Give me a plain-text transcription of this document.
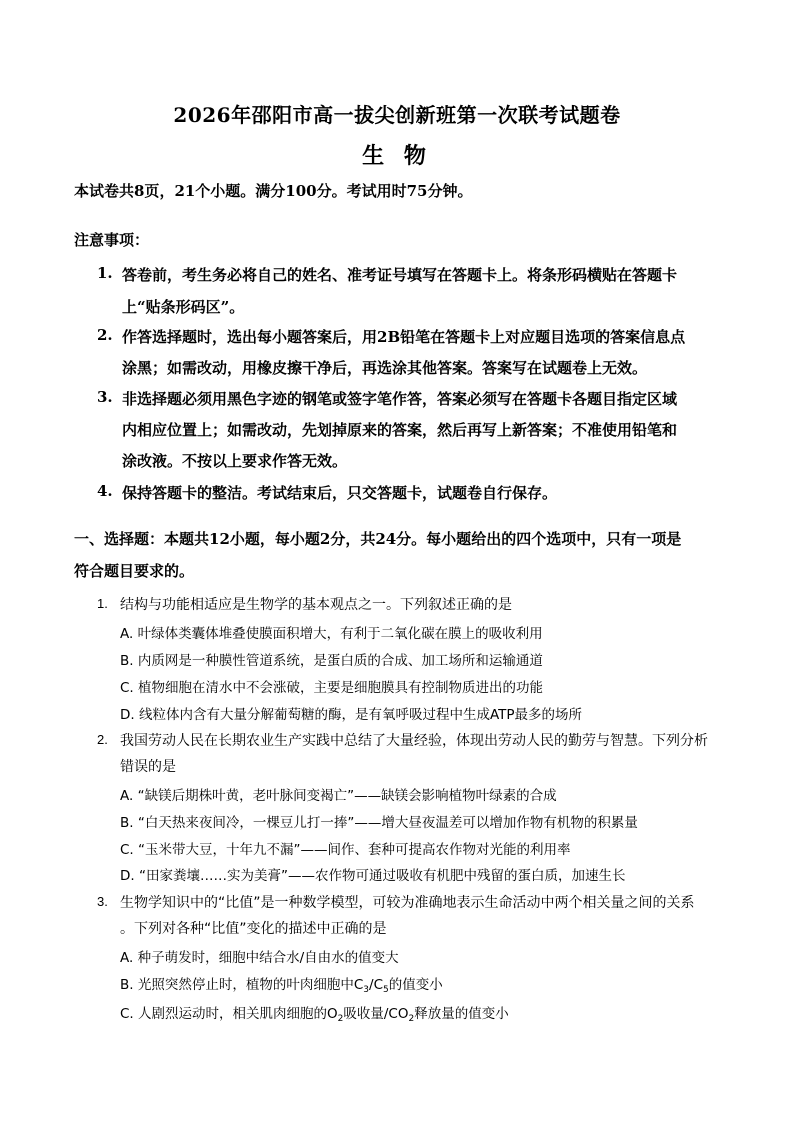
2026年邵阳市高一拔尖创新班第一次联考试题卷
生 物
本试卷共8页，21个小题。满分100分。考试用时75分钟。
注意事项：
1. 答卷前，考生务必将自己的姓名、准考证号填写在答题卡上。将条形码横贴在答题卡
上“贴条形码区”。
2. 作答选择题时，选出每小题答案后，用2B铅笔在答题卡上对应题目选项的答案信息点
涂黑；如需改动，用橡皮擦干净后，再选涂其他答案。答案写在试题卷上无效。
3. 非选择题必须用黑色字迹的钢笔或签字笔作答，答案必须写在答题卡各题目指定区域
内相应位置上；如需改动，先划掉原来的答案，然后再写上新答案；不准使用铅笔和
涂改液。不按以上要求作答无效。
4. 保持答题卡的整洁。考试结束后，只交答题卡，试题卷自行保存。
一、选择题：本题共12小题，每小题2分，共24分。每小题给出的四个选项中，只有一项是
符合题目要求的。
1. 结构与功能相适应是生物学的基本观点之一。下列叙述正确的是
A. 叶绿体类囊体堆叠使膜面积增大，有利于二氧化碳在膜上的吸收利用
B. 内质网是一种膜性管道系统，是蛋白质的合成、加工场所和运输通道
C. 植物细胞在清水中不会涨破，主要是细胞膜具有控制物质进出的功能
D. 线粒体内含有大量分解葡萄糖的酶，是有氧呼吸过程中生成ATP最多的场所
2. 我国劳动人民在长期农业生产实践中总结了大量经验，体现出劳动人民的勤劳与智慧。下列分析
错误的是
A. “缺镁后期株叶黄，老叶脉间变褐亡”——缺镁会影响植物叶绿素的合成
B. “白天热来夜间冷，一棵豆儿打一捧”——增大昼夜温差可以增加作物有机物的积累量
C. “玉米带大豆，十年九不漏”——间作、套种可提高农作物对光能的利用率
D. “田家粪壤……实为美膏”——农作物可通过吸收有机肥中残留的蛋白质，加速生长
3. 生物学知识中的“比值”是一种数学模型，可较为准确地表示生命活动中两个相关量之间的关系
。下列对各种“比值”变化的描述中正确的是
A. 种子萌发时，细胞中结合水/自由水的值变大
B. 光照突然停止时，植物的叶肉细胞中$C_3/C_5$的值变小
C. 人剧烈运动时，相关肌肉细胞的$O_2$吸收量$/CO_2$释放量的值变小
